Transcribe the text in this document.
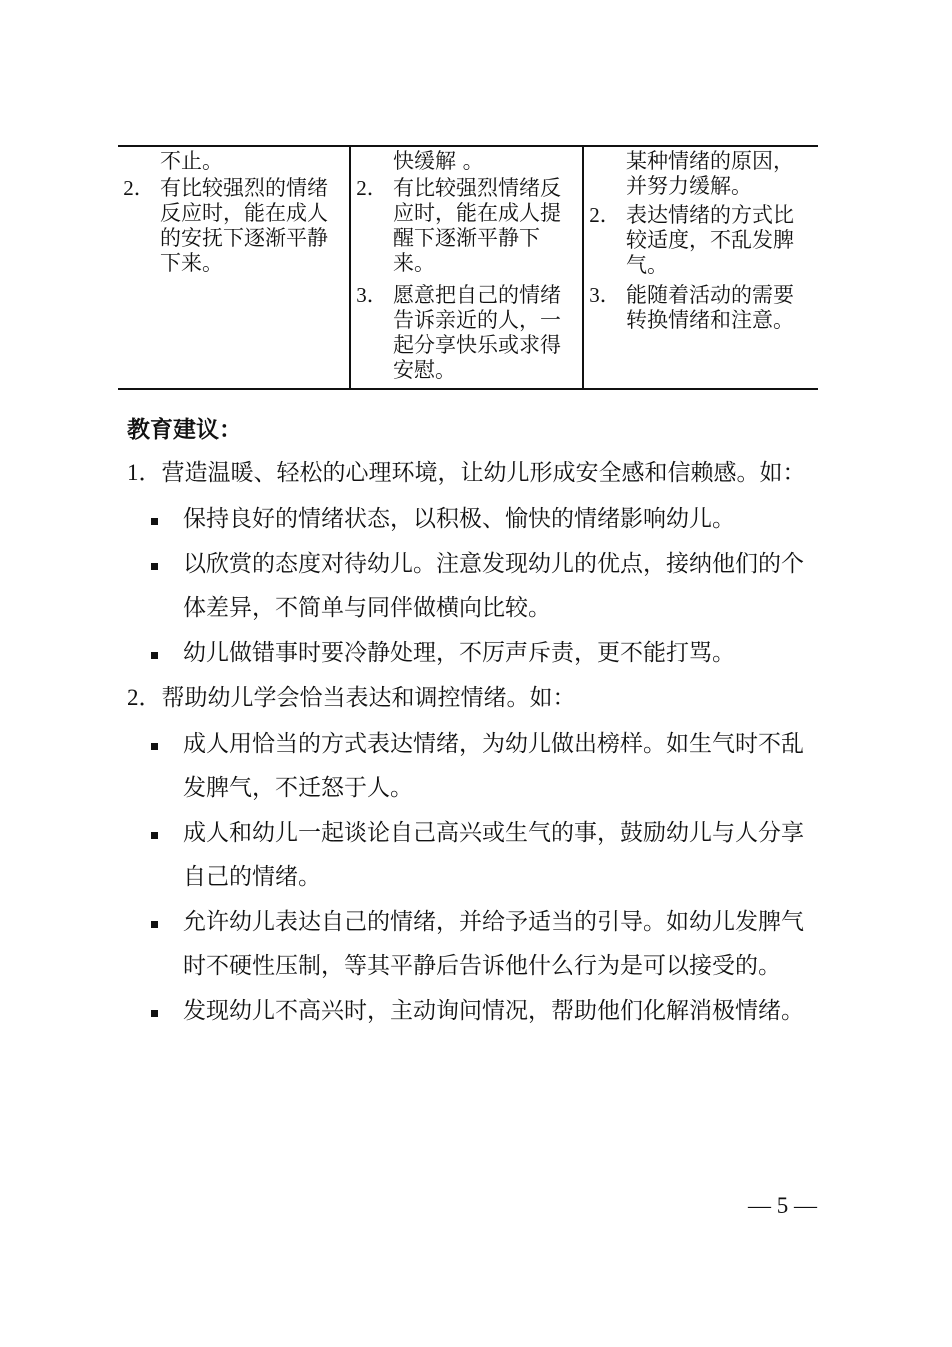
不止。
2． 有比较强烈的情绪
反应时，能在成人
的安抚下逐渐平静
下来。
快缓解 。
2． 有比较强烈情绪反
应时，能在成人提
醒下逐渐平静下
来。
3． 愿意把自己的情绪
告诉亲近的人，一
起分享快乐或求得
安慰。
某种情绪的原因，
并努力缓解。
2． 表达情绪的方式比
较适度，不乱发脾
气。
3． 能随着活动的需要
转换情绪和注意。
教育建议：
1．营造温暖、轻松的心理环境，让幼儿形成安全感和信赖感。如：
保持良好的情绪状态，以积极、愉快的情绪影响幼儿。
以欣赏的态度对待幼儿。注意发现幼儿的优点，接纳他们的个
体差异，不简单与同伴做横向比较。
幼儿做错事时要冷静处理，不厉声斥责，更不能打骂。
2．帮助幼儿学会恰当表达和调控情绪。如：
成人用恰当的方式表达情绪，为幼儿做出榜样。如生气时不乱
发脾气，不迁怒于人。
成人和幼儿一起谈论自己高兴或生气的事，鼓励幼儿与人分享
自己的情绪。
允许幼儿表达自己的情绪，并给予适当的引导。如幼儿发脾气
时不硬性压制，等其平静后告诉他什么行为是可以接受的。
发现幼儿不高兴时，主动询问情况，帮助他们化解消极情绪。
— 5 —
